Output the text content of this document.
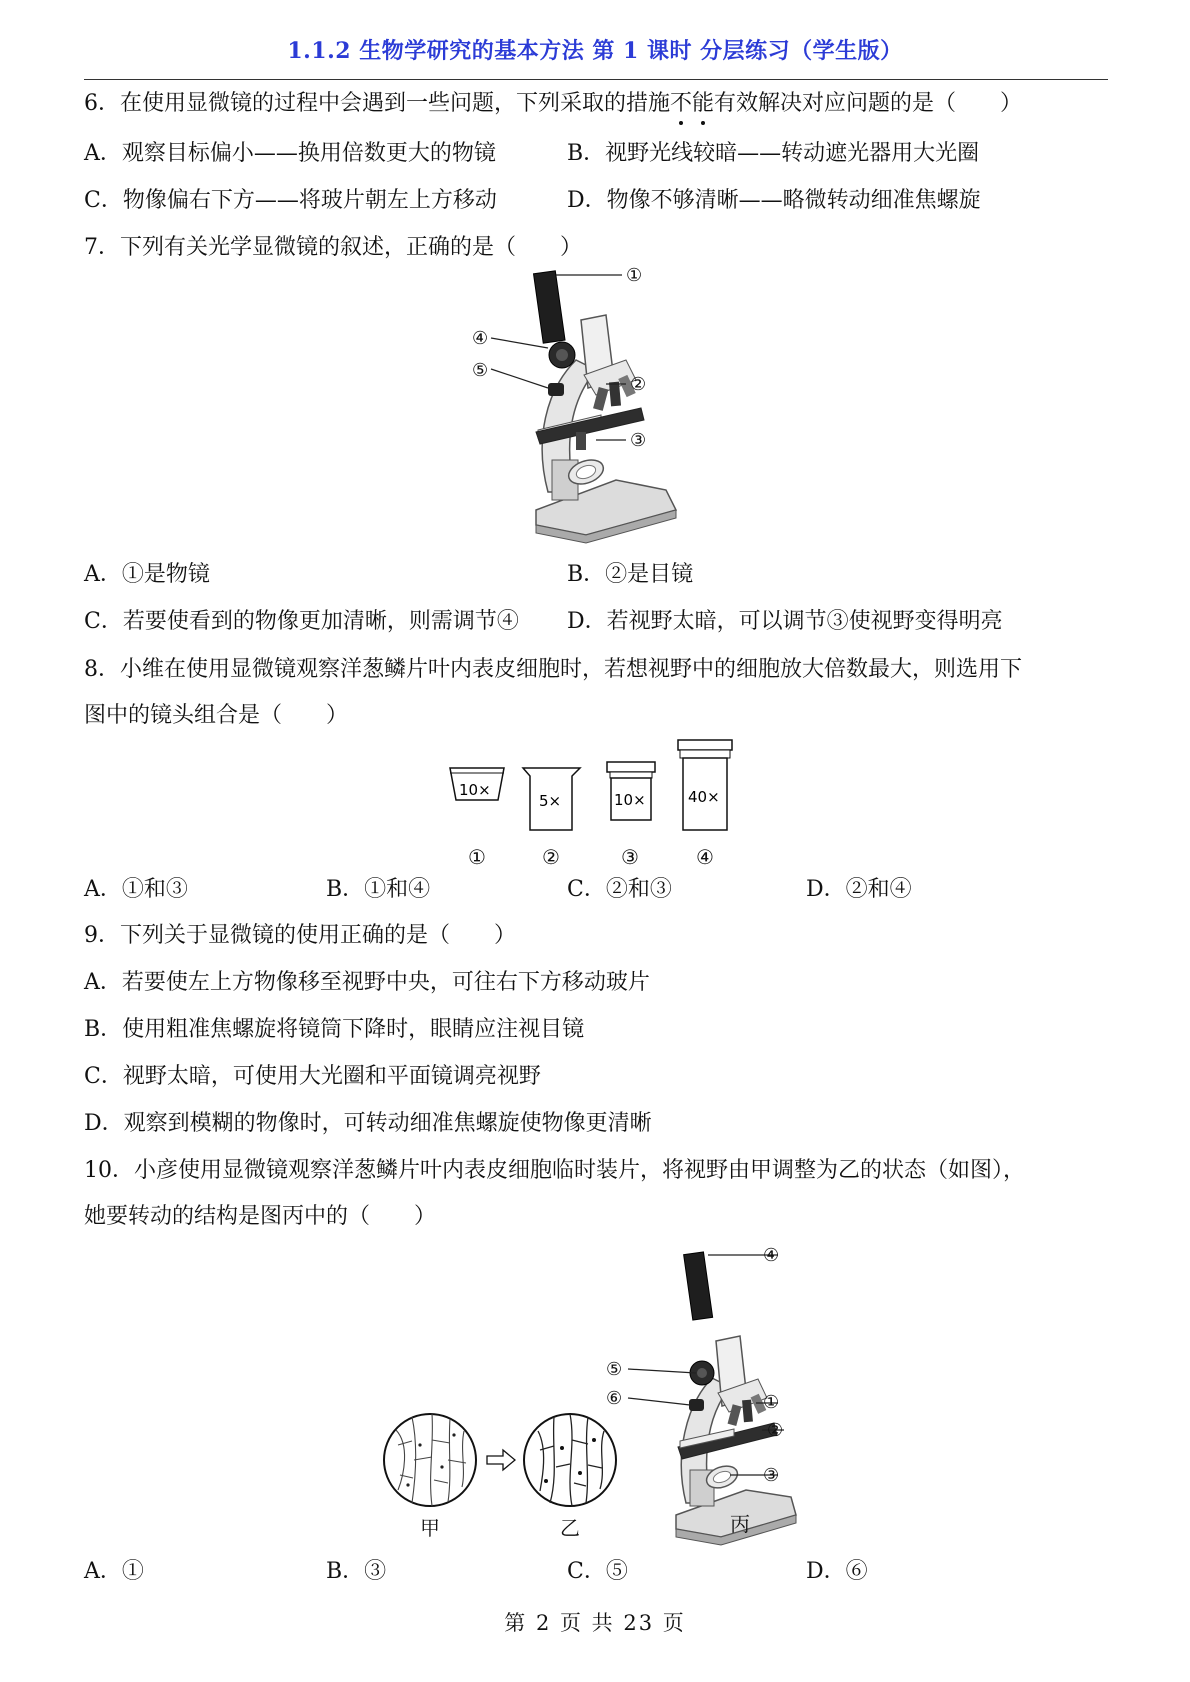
1.1.2 生物学研究的基本方法 第 1 课时 分层练习（学生版）
6．在使用显微镜的过程中会遇到一些问题，下列采取的措施不能有效解决对应问题的是（　　）
A．观察目标偏小——换用倍数更大的物镜	B．视野光线较暗——转动遮光器用大光圈
C．物像偏右下方——将玻片朝左上方移动	D．物像不够清晰——略微转动细准焦螺旋
7．下列有关光学显微镜的叙述，正确的是（　　）
①
②
③
④
⑤
A．①是物镜	B．②是目镜
C．若要使看到的物像更加清晰，则需调节④ D．若视野太暗，可以调节③使视野变得明亮
8．小维在使用显微镜观察洋葱鳞片叶内表皮细胞时，若想视野中的细胞放大倍数最大，则选用下
图中的镜头组合是（　　）
10×
5×	10×	40×
①	②	③	④
A．①和③	B．①和④	C．②和③	D．②和④
9．下列关于显微镜的使用正确的是（　　）
A．若要使左上方物像移至视野中央，可往右下方移动玻片
B．使用粗准焦螺旋将镜筒下降时，眼睛应注视目镜
C．视野太暗，可使用大光圈和平面镜调亮视野
D．观察到模糊的物像时，可转动细准焦螺旋使物像更清晰
10．小彦使用显微镜观察洋葱鳞片叶内表皮细胞临时装片，将视野由甲调整为乙的状态（如图），
她要转动的结构是图丙中的（　　）
①
②
③
④
⑤
⑥
甲	乙	丙
A．①	B．③	C．⑤	D．⑥
第 2 页 共 23 页
